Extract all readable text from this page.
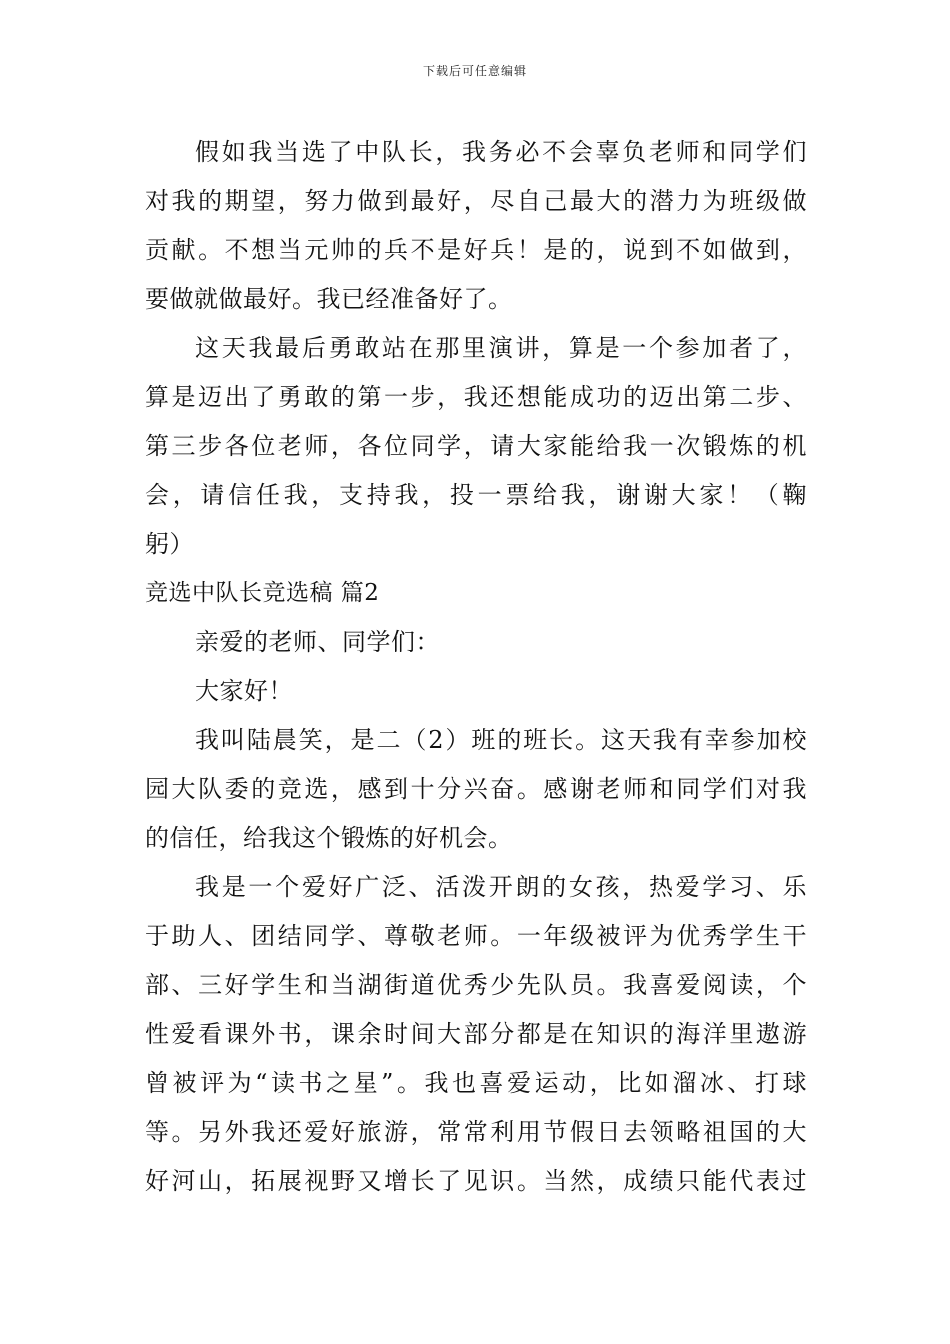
下载后可任意编辑
假如我当选了中队长，我务必不会辜负老师和同学们
对我的期望，努力做到最好，尽自己最大的潜力为班级做
贡献。不想当元帅的兵不是好兵！是的，说到不如做到，
要做就做最好。我已经准备好了。
这天我最后勇敢站在那里演讲，算是一个参加者了，
算是迈出了勇敢的第一步，我还想能成功的迈出第二步、
第三步各位老师，各位同学，请大家能给我一次锻炼的机
会，请信任我，支持我，投一票给我，谢谢大家！（鞠
躬）
竞选中队长竞选稿 篇2
亲爱的老师、同学们：
大家好！
我叫陆晨笑，是二（2）班的班长。这天我有幸参加校
园大队委的竞选，感到十分兴奋。感谢老师和同学们对我
的信任，给我这个锻炼的好机会。
我是一个爱好广泛、活泼开朗的女孩，热爱学习、乐
于助人、团结同学、尊敬老师。一年级被评为优秀学生干
部、三好学生和当湖街道优秀少先队员。我喜爱阅读，个
性爱看课外书，课余时间大部分都是在知识的海洋里遨游
曾被评为“读书之星”。我也喜爱运动，比如溜冰、打球
等。另外我还爱好旅游，常常利用节假日去领略祖国的大
好河山，拓展视野又增长了见识。当然，成绩只能代表过
